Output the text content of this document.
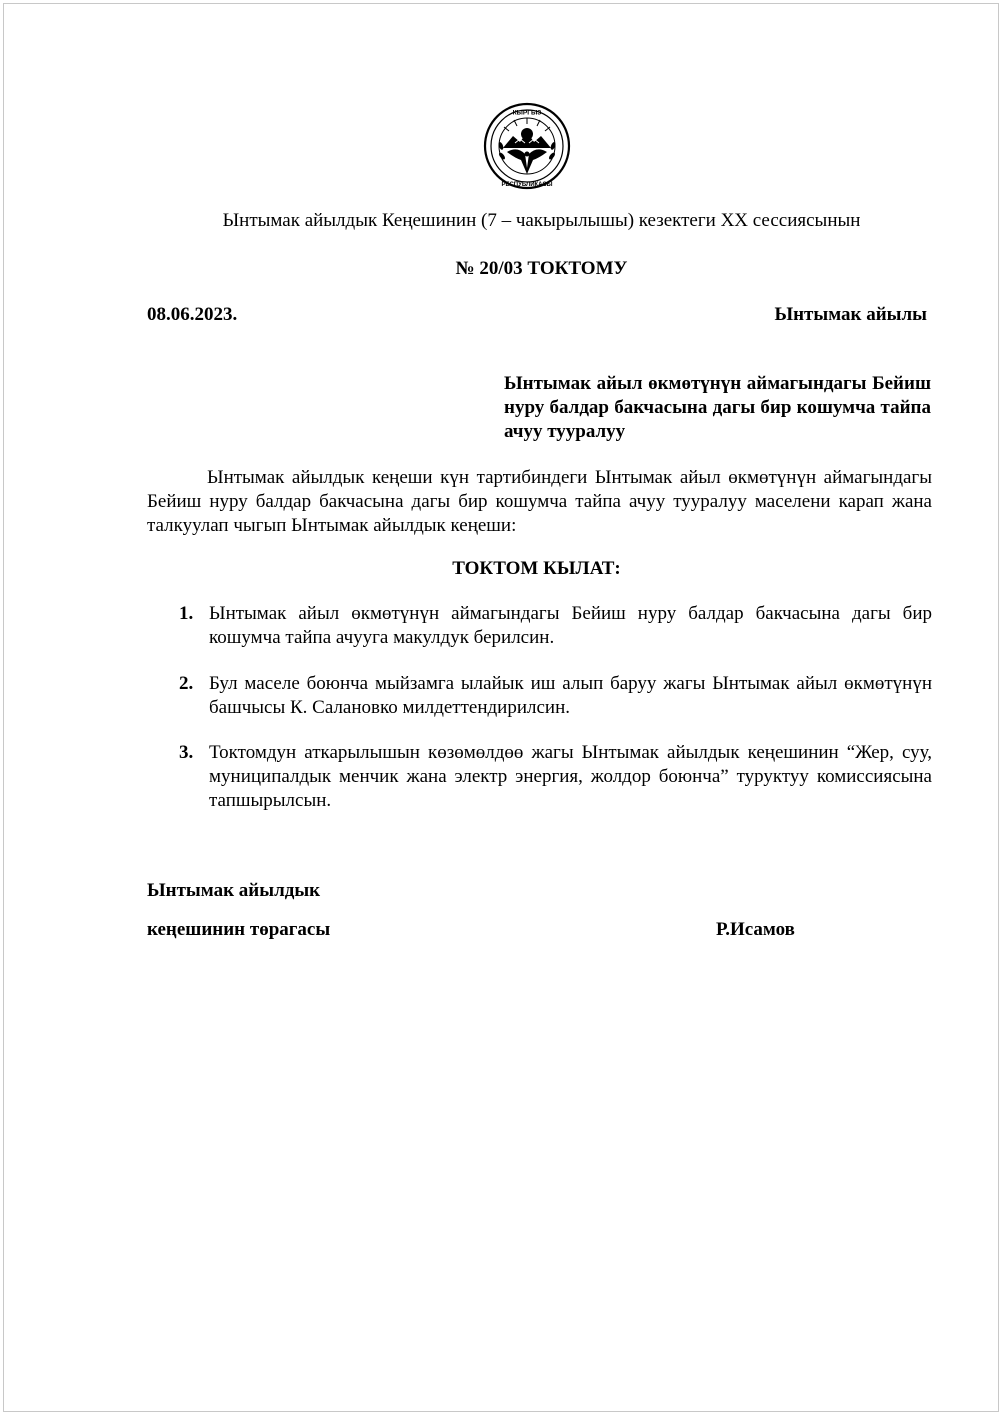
КЫРГЫЗ
РЕСПУБЛИКАСЫ
Ынтымак айылдык Кеңешинин (7 – чакырылышы) кезектеги XX сессиясынын
№ 20/03 ТОКТОМУ
08.06.2023.	Ынтымак айылы
Ынтымак айыл өкмөтүнүн аймагындагы Бейиш нуру балдар бакчасына дагы бир кошумча тайпа ачуу тууралуу
Ынтымак айылдык кеңеши күн тартибиндеги Ынтымак айыл өкмөтүнүн аймагындагы Бейиш нуру балдар бакчасына дагы бир кошумча тайпа ачуу тууралуу маселени карап жана талкуулап чыгып Ынтымак айылдык кеңеши:
ТОКТОМ КЫЛАТ:
1. Ынтымак айыл өкмөтүнүн аймагындагы Бейиш нуру балдар бакчасына дагы бир кошумча тайпа ачууга макулдук берилсин.
2. Бул маселе боюнча мыйзамга ылайык иш алып баруу жагы Ынтымак айыл өкмөтүнүн башчысы К. Салановко милдеттендирилсин.
3. Токтомдун аткарылышын көзөмөлдөө жагы Ынтымак айылдык кеңешинин “Жер, суу, муниципалдык менчик жана электр энергия, жолдор боюнча” туруктуу комиссиясына тапшырылсын.
Ынтымак айылдык
кеңешинин төрагасы	Р.Исамов
